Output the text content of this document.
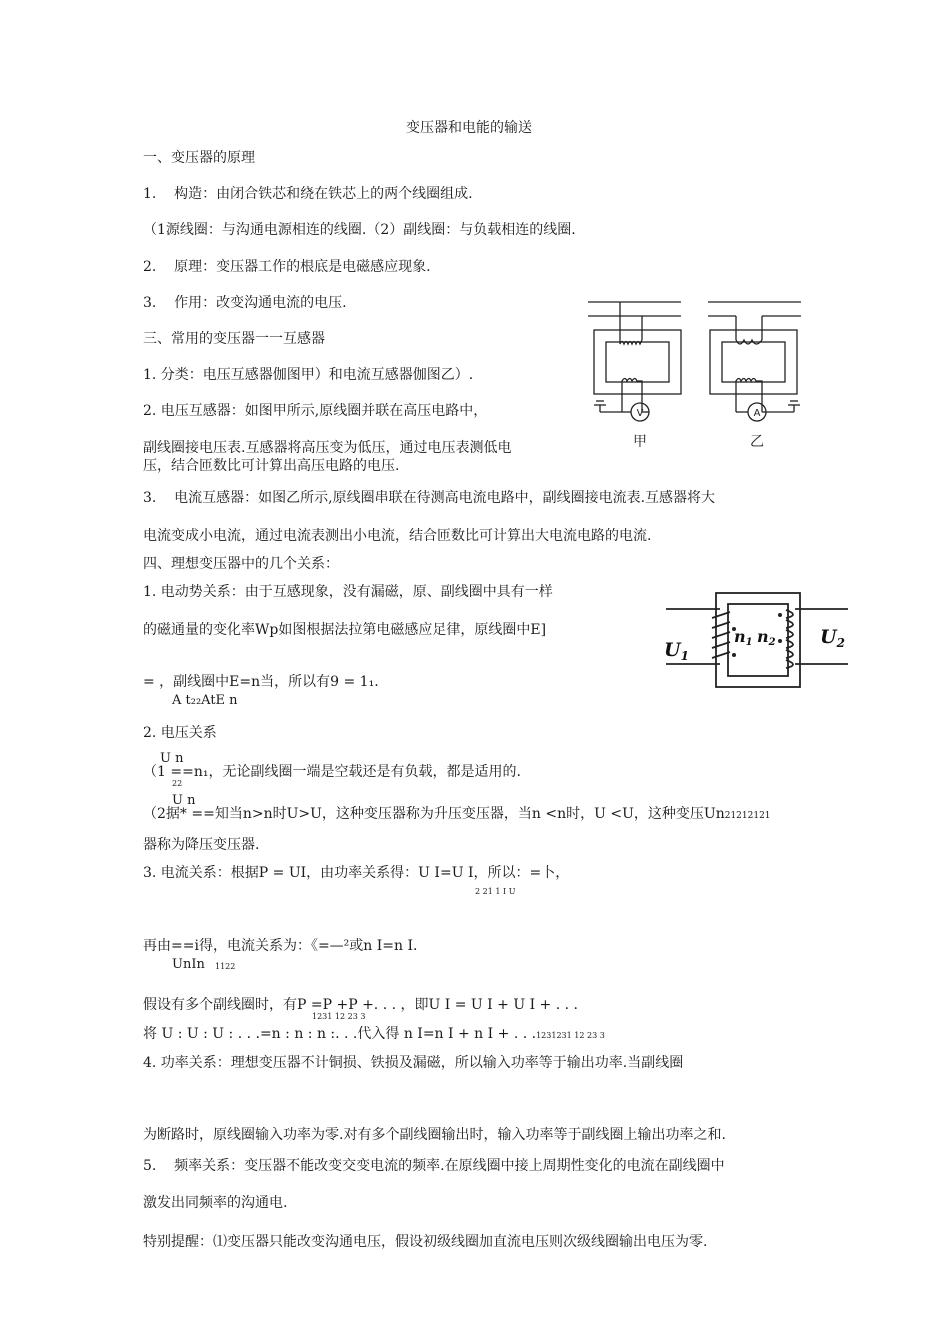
变压器和电能的输送
一、变压器的原理
1.    构造：由闭合铁芯和绕在铁芯上的两个线圈组成.
（1源线圈：与沟通电源相连的线圈.（2）副线圈：与负载相连的线圈.
2.    原理：变压器工作的根底是电磁感应现象.
3.    作用：改变沟通电流的电压.
三、常用的变压器一一互感器
1. 分类：电压互感器伽图甲）和电流互感器伽图乙）.
2. 电压互感器：如图甲所示,原线圈并联在高压电路中，
副线圈接电压表.互感器将高压变为低压，通过电压表测低电
压，结合匝数比可计算出高压电路的电压.
3.    电流互感器：如图乙所示,原线圈串联在待测高电流电路中，副线圈接电流表.互感器将大
电流变成小电流，通过电流表测出小电流，结合匝数比可计算出大电流电路的电流.
V	A
甲	乙
四、理想变压器中的几个关系：
1. 电动势关系：由于互感现象，没有漏磁，原、副线圈中具有一样
的磁通量的变化率Wp如图根据法拉第电磁感应足律，原线圈中E]
= ，副线圈中E=n当，所以有9 = 1₁.
A t₂₂AtE n
$U_1$
$U_2$
n1 n2
2. 电压关系
U n
（1 ==n₁，无论副线圈一端是空载还是有负载，都是适用的.
22
U n
（2据* ==知当n>n时U>U，这种变压器称为升压变压器，当n <n时，U <U，这种变压Un21212121
器称为降压变压器.
3. 电流关系：根据P = UI，由功率关系得：U I=U I，所以：=卜，
2 21 1 I U
再由==i得，电流关系为：《=—²或n I=n I.
UnIn 1122
假设有多个副线圈时，有P =P +P +. . . ，即U I = U I + U I + . . .
1231 12 23 3
将 U : U : U : . . .=n : n : n :. . .代入得 n I=n I + n I + . . .1231231 12 23 3
4. 功率关系：理想变压器不计铜损、铁损及漏磁，所以输入功率等于输出功率.当副线圈
为断路时，原线圈输入功率为零.对有多个副线圈输出时，输入功率等于副线圈上输出功率之和.
5.    频率关系：变压器不能改变交变电流的频率.在原线圈中接上周期性变化的电流在副线圈中
激发出同频率的沟通电.
特别提醒：⑴变压器只能改变沟通电压，假设初级线圈加直流电压则次级线圈输出电压为零.
